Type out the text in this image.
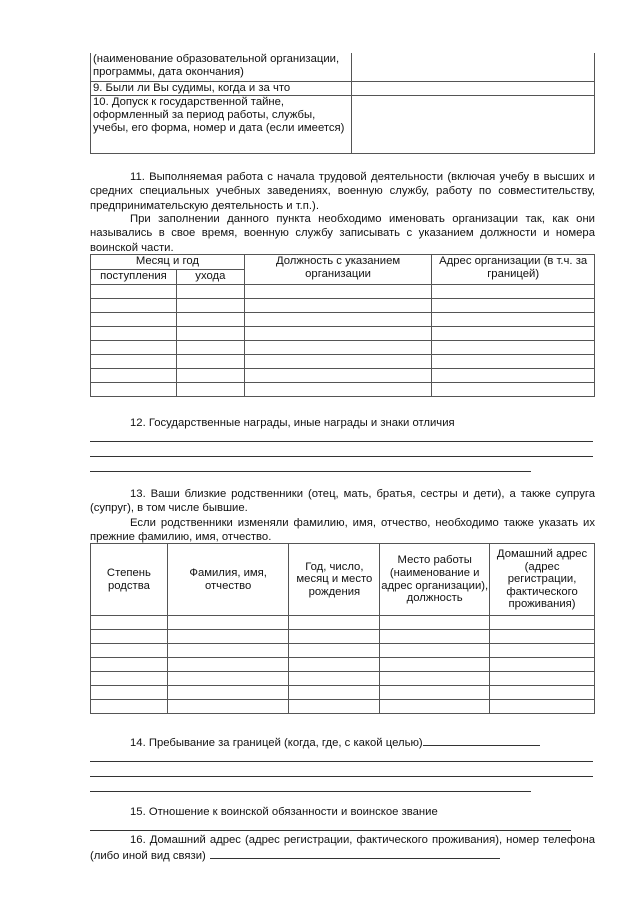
(наименование образовательной организации, программы, дата окончания)	
9. Были ли Вы судимы, когда и за что	
10. Допуск к государственной тайне, оформленный за период работы, службы, учебы, его форма, номер и дата (если имеется)	

11. Выполняемая работа с начала трудовой деятельности (включая учебу в высших и средних специальных учебных заведениях, военную службу, работу по совместительству, предпринимательскую деятельность и т.п.).

При заполнении данного пункта необходимо именовать организации так, как они назывались в свое время, военную службу записывать с указанием должности и номера воинской части.

Месяц и год		Должность с указанием организации	Адрес организации (в т.ч. за границей)
поступления	ухода		

12. Государственные награды, иные награды и знаки отличия

13. Ваши близкие родственники (отец, мать, братья, сестры и дети), а также супруга (супруг), в том числе бывшие.

Если родственники изменяли фамилию, имя, отчество, необходимо также указать их прежние фамилию, имя, отчество.

Степень родства	Фамилия, имя, отчество	Год, число, месяц и место рождения	Место работы (наименование и адрес организации), должность	Домашний адрес (адрес регистрации, фактического проживания)

14. Пребывание за границей (когда, где, с какой целью)

15. Отношение к воинской обязанности и воинское звание

16. Домашний адрес (адрес регистрации, фактического проживания), номер телефона (либо иной вид связи)
